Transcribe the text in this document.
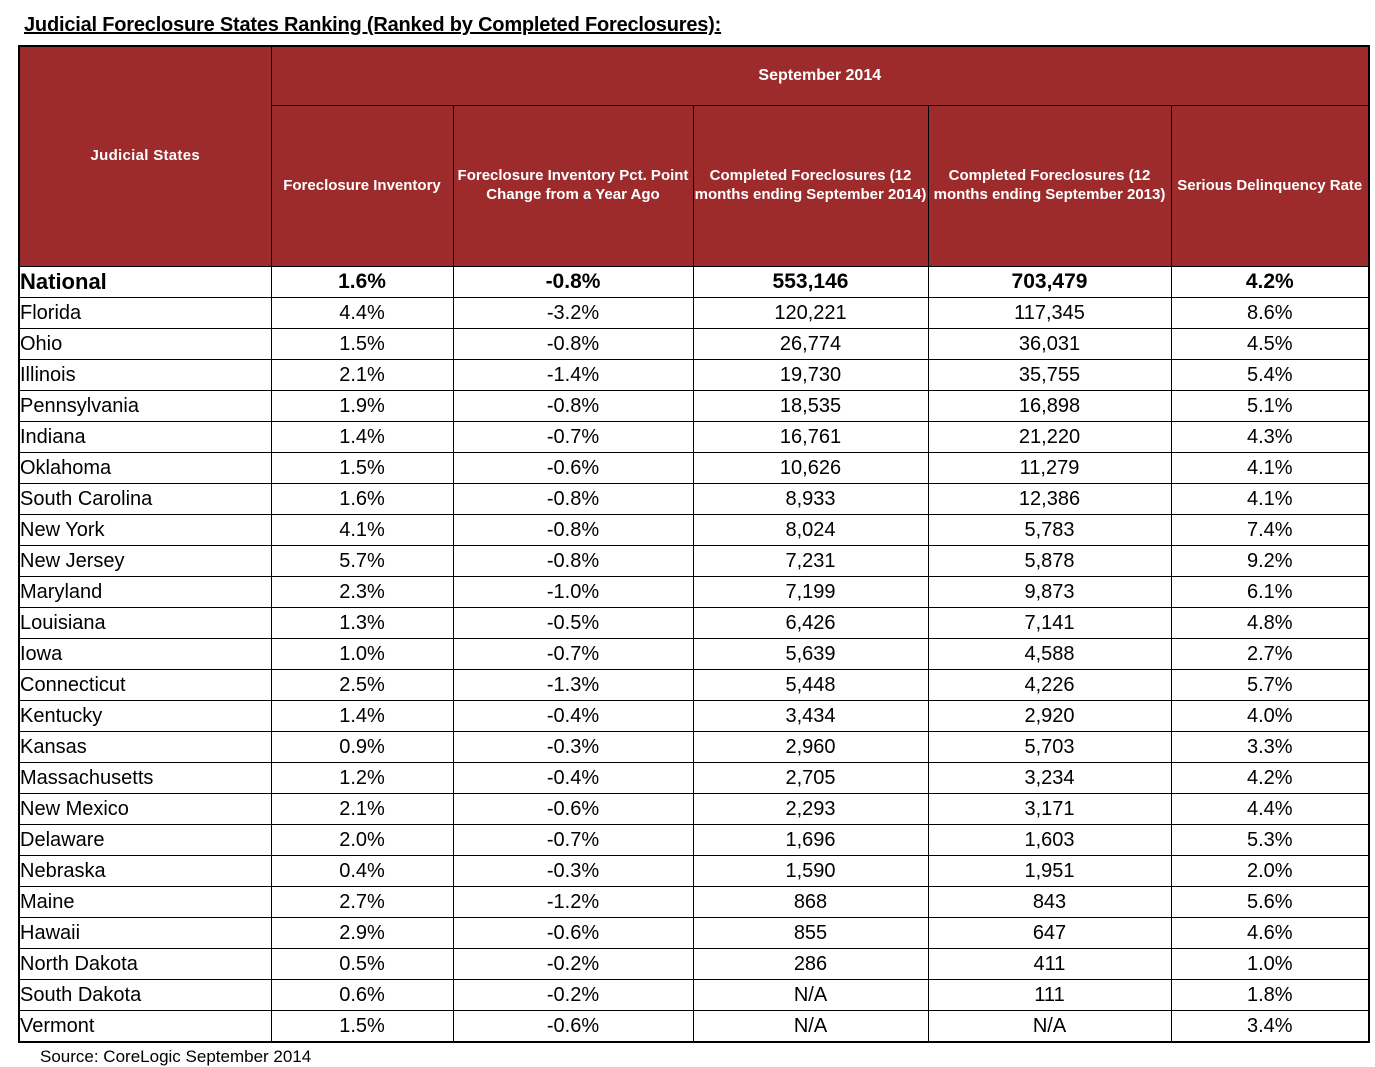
Judicial Foreclosure States Ranking (Ranked by Completed Foreclosures):
Judicial States	September 2014				
	Foreclosure Inventory	Foreclosure Inventory Pct. Point Change from a Year Ago	Completed Foreclosures (12 months ending September 2014)	Completed Foreclosures (12 months ending September 2013)	Serious Delinquency Rate
National	1.6%	-0.8%	553,146	703,479	4.2%
Florida	4.4%	-3.2%	120,221	117,345	8.6%
Ohio	1.5%	-0.8%	26,774	36,031	4.5%
Illinois	2.1%	-1.4%	19,730	35,755	5.4%
Pennsylvania	1.9%	-0.8%	18,535	16,898	5.1%
Indiana	1.4%	-0.7%	16,761	21,220	4.3%
Oklahoma	1.5%	-0.6%	10,626	11,279	4.1%
South Carolina	1.6%	-0.8%	8,933	12,386	4.1%
New York	4.1%	-0.8%	8,024	5,783	7.4%
New Jersey	5.7%	-0.8%	7,231	5,878	9.2%
Maryland	2.3%	-1.0%	7,199	9,873	6.1%
Louisiana	1.3%	-0.5%	6,426	7,141	4.8%
Iowa	1.0%	-0.7%	5,639	4,588	2.7%
Connecticut	2.5%	-1.3%	5,448	4,226	5.7%
Kentucky	1.4%	-0.4%	3,434	2,920	4.0%
Kansas	0.9%	-0.3%	2,960	5,703	3.3%
Massachusetts	1.2%	-0.4%	2,705	3,234	4.2%
New Mexico	2.1%	-0.6%	2,293	3,171	4.4%
Delaware	2.0%	-0.7%	1,696	1,603	5.3%
Nebraska	0.4%	-0.3%	1,590	1,951	2.0%
Maine	2.7%	-1.2%	868	843	5.6%
Hawaii	2.9%	-0.6%	855	647	4.6%
North Dakota	0.5%	-0.2%	286	411	1.0%
South Dakota	0.6%	-0.2%	N/A	111	1.8%
Vermont	1.5%	-0.6%	N/A	N/A	3.4%
Source: CoreLogic September 2014
